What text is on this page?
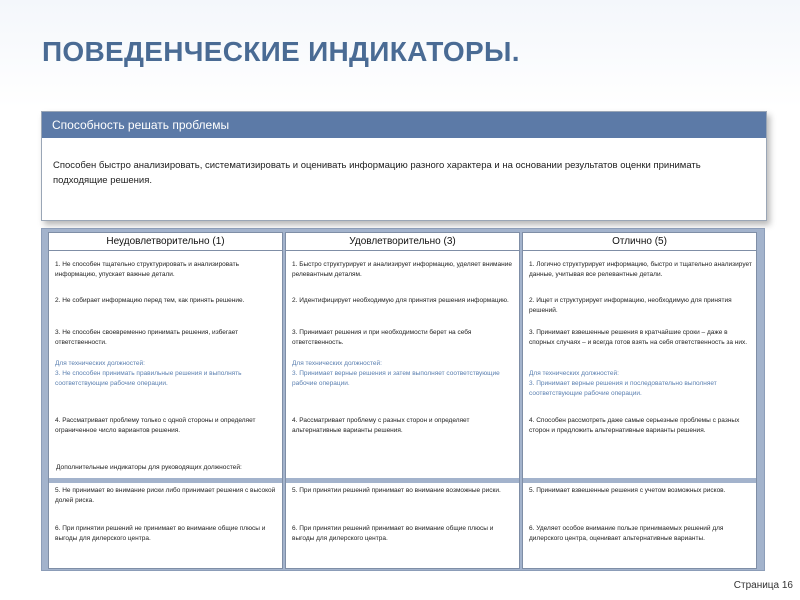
ПОВЕДЕНЧЕСКИЕ ИНДИКАТОРЫ.
Способность решать проблемы
Способен быстро анализировать, систематизировать и оценивать информацию разного характера и на основании результатов оценки принимать подходящие решения.
Неудовлетворительно (1)
1. Не способен тщательно структурировать и анализировать информацию, упускает важные детали.
2. Не собирает информацию перед тем, как принять решение.
3. Не способен своевременно принимать решения, избегает ответственности.
Для технических должностей:
3. Не способен принимать правильные решения и выполнять соответствующие рабочие операции.
4. Рассматривает проблему только с одной стороны и определяет ограниченное число вариантов решения.
Дополнительные индикаторы для руководящих должностей:
5. Не принимает во внимание риски либо принимает решения с высокой долей риска.
6. При принятии решений не принимает во внимание общие плюсы и выгоды для дилерского центра.
Удовлетворительно (3)
1. Быстро структурирует и анализирует информацию, уделяет внимание релевантным деталям.
2. Идентифицирует необходимую для принятия решения информацию.
3. Принимает решения и при необходимости берет на себя ответственность.
Для технических должностей:
3. Принимает верные решения и затем выполняет соответствующие рабочие операции.
4. Рассматривает проблему с разных сторон и определяет альтернативные варианты решения.
5. При принятии решений принимает во внимание возможные риски.
6. При принятии решений принимает во внимание общие плюсы и выгоды для дилерского центра.
Отлично (5)
1. Логично структурирует информацию, быстро и тщательно анализирует данные, учитывая все релевантные детали.
2. Ищет и структурирует информацию, необходимую для принятия решений.
3. Принимает взвешенные решения в кратчайшие сроки – даже в спорных случаях – и всегда готов взять на себя ответственность за них.
Для технических должностей:
3. Принимает верные решения и последовательно выполняет соответствующие рабочие операции.
4. Способен рассмотреть даже самые серьезные проблемы с разных сторон и предложить альтернативные варианты решения.
5. Принимает взвешенные решения с учетом возможных рисков.
6. Уделяет особое внимание пользе принимаемых решений для дилерского центра, оценивает альтернативные варианты.
Страница 16
